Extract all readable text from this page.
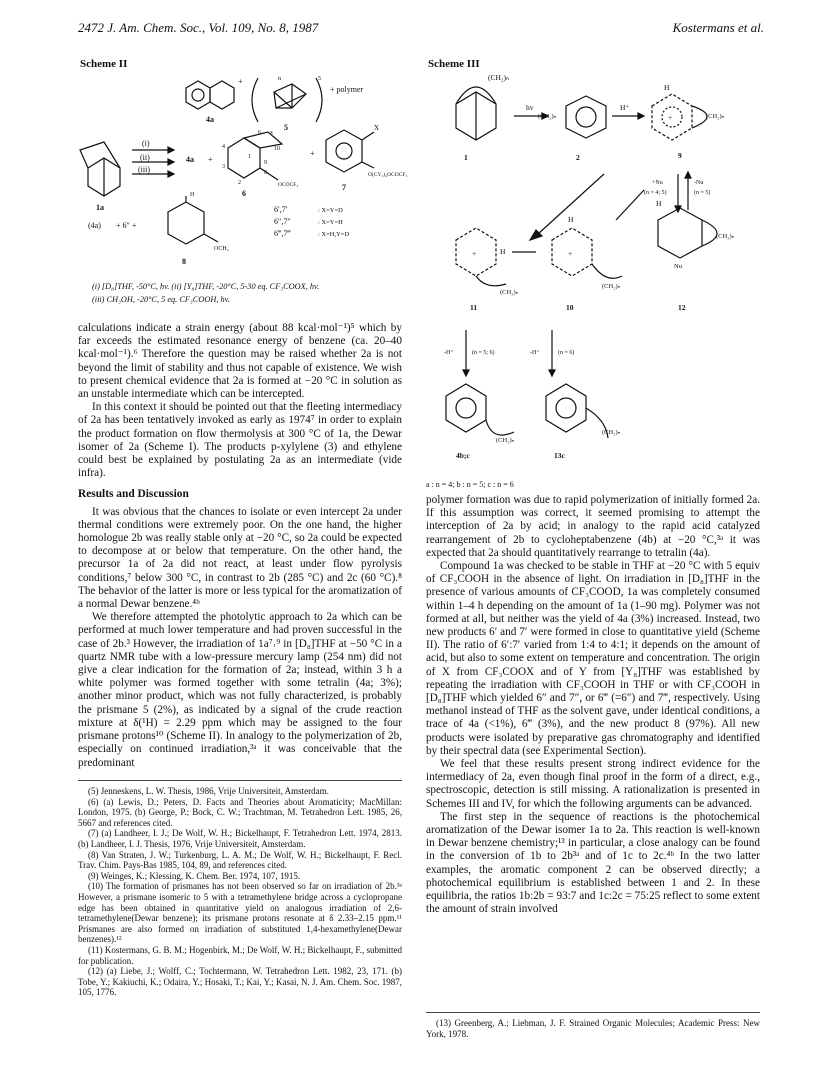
2472 J. Am. Chem. Soc., Vol. 109, No. 8, 1987	Kostermans et al.
Scheme II
+
+ polymer
4a
5
5
n
(i)
(ii)
(iii)
1a
4a +
6 x
10
4
3
2
1
9
8
OCOCF₃
+
X
O(CY₂)₄OCOCF₃
6
7
(4a) + 6″ +
H
OCH₃
8
6′,7′	: X=Y=D
6″,7″	: X=Y=H
6‴,7‴	: X=H,Y=D
(i) [D₈]THF, -50°C, hv. (ii) [Y₈]THF, -20°C, 5-30 eq. CF₃COOX, hv.
(iii) CH₃OH, -20°C, 5 eq. CF₃COOH, hv.

calculations indicate a strain energy (about 88 kcal·mol⁻¹)⁵ which by far exceeds the estimated resonance energy of benzene (ca. 20–40 kcal·mol⁻¹).⁶ Therefore the question may be raised whether 2a is not beyond the limit of stability and thus not capable of existence. We wish to present chemical evidence that 2a is formed at −20 °C in solution as an unstable intermediate which can be intercepted.

In this context it should be pointed out that the fleeting intermediacy of 2a has been tentatively invoked as early as 1974⁷ in order to explain the product formation on flow thermolysis at 300 °C of 1a, the Dewar isomer of 2a (Scheme I). The products p-xylylene (3) and ethylene could best be explained by postulating 2a as an intermediate (vide infra).

Results and Discussion

It was obvious that the chances to isolate or even intercept 2a under thermal conditions were extremely poor. On the one hand, the higher homologue 2b was really stable only at −20 °C, so 2a could be expected to decompose at or below that temperature. On the other hand, the precursor 1a of 2a did not react, at least under flow pyrolysis conditions,⁷ below 300 °C, in contrast to 2b (285 °C) and 2c (60 °C).⁸ The behavior of the latter is more or less typical for the aromatization of a normal Dewar benzene.⁴ᵇ

We therefore attempted the photolytic approach to 2a which can be performed at much lower temperature and had proven successful in the case of 2b.³ However, the irradiation of 1a⁷˒⁹ in [D₈]THF at −50 °C in a quartz NMR tube with a low-pressure mercury lamp (254 nm) did not give a clear indication for the formation of 2a; instead, within 3 h a white polymer was formed together with some tetralin (4a; 3%); another minor product, which was not fully characterized, is probably the prismane 5 (2%), as indicated by a signal of the crude reaction mixture at δ(¹H) = 2.29 ppm which may be assigned to the four prismane protons¹⁰ (Scheme II). In analogy to the polymerization of 2b, especially on continued irradiation,³ᵃ it was conceivable that the predominant

(5) Jenneskens, L. W. Thesis, 1986, Vrije Universiteit, Amsterdam.

(6) (a) Lewis, D.; Peters, D. Facts and Theories about Aromaticity; MacMillan: London, 1975. (b) George, P.; Bock, C. W.; Trachtman, M. Tetrahedron Lett. 1985, 26, 5667 and references cited.

(7) (a) Landheer, I. J.; De Wolf, W. H.; Bickelhaupt, F. Tetrahedron Lett. 1974, 2813. (b) Landheer, I. J. Thesis, 1976, Vrije Universiteit, Amsterdam.

(8) Van Straten, J. W.; Turkenburg, L. A. M.; De Wolf, W. H.; Bickelhaupt, F. Recl. Trav. Chim. Pays-Bas 1985, 104, 89, and references cited.

(9) Weinges, K.; Klessing, K. Chem. Ber. 1974, 107, 1915.

(10) The formation of prismanes has not been observed so far on irradiation of 2b.³ᵃ However, a prismane isomeric to 5 with a tetramethylene bridge across a cyclopropane edge has been obtained in quantitative yield on analogous irradiation of 2,6-tetramethylene(Dewar benzene); its prismane protons resonate at δ 2.33–2.15 ppm.¹¹ Prismanes are also formed on irradiation of substituted 1,4-hexamethylene(Dewar benzenes).¹²

(11) Kostermans, G. B. M.; Hogenbirk, M.; De Wolf, W. H.; Bickelhaupt, F., submitted for publication.

(12) (a) Liebe, J.; Wolff, C.; Tochtermann, W. Tetrahedron Lett. 1982, 23, 171. (b) Tobe, Y.; Kakiuchi, K.; Odaira, Y.; Hosaki, T.; Kai, Y.; Kasai, N. J. Am. Chem. Soc. 1987, 105, 1776.

Scheme III
(CH₂)ₙ
hv	H⁺
H
(CH₂)ₙ	+	(CH₂)ₙ
1	2	9
+Nu	-Nu
(n = 4; 5)	(n = 5)
H
H
H
+	+
(CH₂)ₙ
(CH₂)ₙ
(CH₂)ₙ
Nu
11	10	12
-H⁺	(n = 5; 6)	-H⁺	(n = 6)
(CH₂)ₙ
(CH₂)ₙ
4b;c	13c
a : n = 4; b : n = 5; c : n = 6

polymer formation was due to rapid polymerization of initially formed 2a. If this assumption was correct, it seemed promising to attempt the interception of 2a by acid; in analogy to the rapid acid catalyzed rearrangement of 2b to cycloheptabenzene (4b) at −20 °C,³ᵃ it was expected that 2a should quantitatively rearrange to tetralin (4a).

Compound 1a was checked to be stable in THF at −20 °C with 5 equiv of CF₃COOH in the absence of light. On irradiation in [D₈]THF in the presence of various amounts of CF₃COOD, 1a was completely consumed within 1–4 h depending on the amount of 1a (1–90 mg). Polymer was not formed at all, but neither was the yield of 4a (3%) increased. Instead, two new products 6′ and 7′ were formed in close to quantitative yield (Scheme II). The ratio of 6′:7′ varied from 1:4 to 4:1; it depends on the amount of acid, but also to some extent on temperature and concentration. The origin of X from CF₃COOX and of Y from [Y₈]THF was established by repeating the irradiation with CF₃COOH in THF or with CF₃COOH in [D₈]THF which yielded 6″ and 7″, or 6‴ (=6″) and 7‴, respectively. Using methanol instead of THF as the solvent gave, under identical conditions, a trace of 4a (<1%), 6‴ (3%), and the new product 8 (97%). All new products were isolated by preparative gas chromatography and identified by their spectral data (see Experimental Section).

We feel that these results present strong indirect evidence for the intermediacy of 2a, even though final proof in the form of a direct, e.g., spectroscopic, detection is still missing. A rationalization is presented in Schemes III and IV, for which the following arguments can be advanced.

The first step in the sequence of reactions is the photochemical aromatization of the Dewar isomer 1a to 2a. This reaction is well-known in Dewar benzene chemistry;¹³ in particular, a close analogy can be found in the conversion of 1b to 2b³ᵃ and of 1c to 2c.⁴ᵇ In the two latter examples, the aromatic component 2 can be observed directly; a photochemical equilibrium is established between 1 and 2. In these equilibria, the ratios 1b:2b = 93:7 and 1c:2c = 75:25 reflect to some extent the amount of strain involved

(13) Greenberg, A.; Liebman, J. F. Strained Organic Molecules; Academic Press: New York, 1978.
